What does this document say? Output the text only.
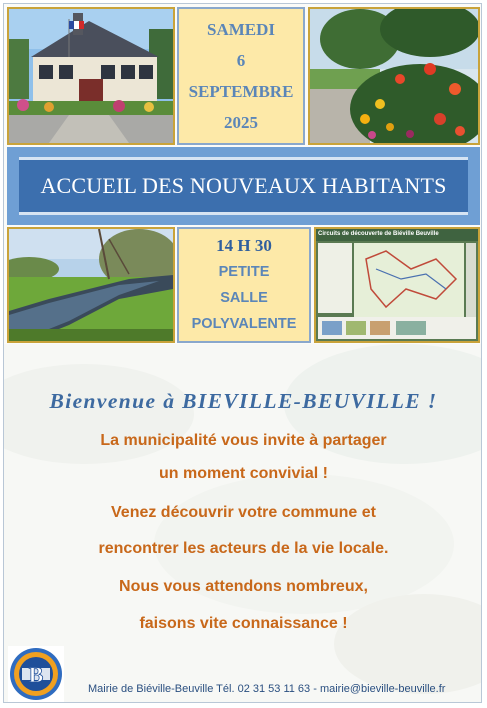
SAMEDI
6
SEPTEMBRE
2025
ACCUEIL DES NOUVEAUX HABITANTS
14 H 30
PETITE
SALLE
POLYVALENTE
Circuits de découverte de Biéville Beuville
Bienvenue à BIEVILLE-BEUVILLE !
La municipalité vous invite à partager
un moment convivial !
Venez découvrir votre commune et
rencontrer les acteurs de la vie locale.
Nous vous attendons nombreux,
faisons vite connaissance !
B
Mairie de Biéville-Beuville Tél. 02 31 53 11 63 - mairie@bieville-beuville.fr
